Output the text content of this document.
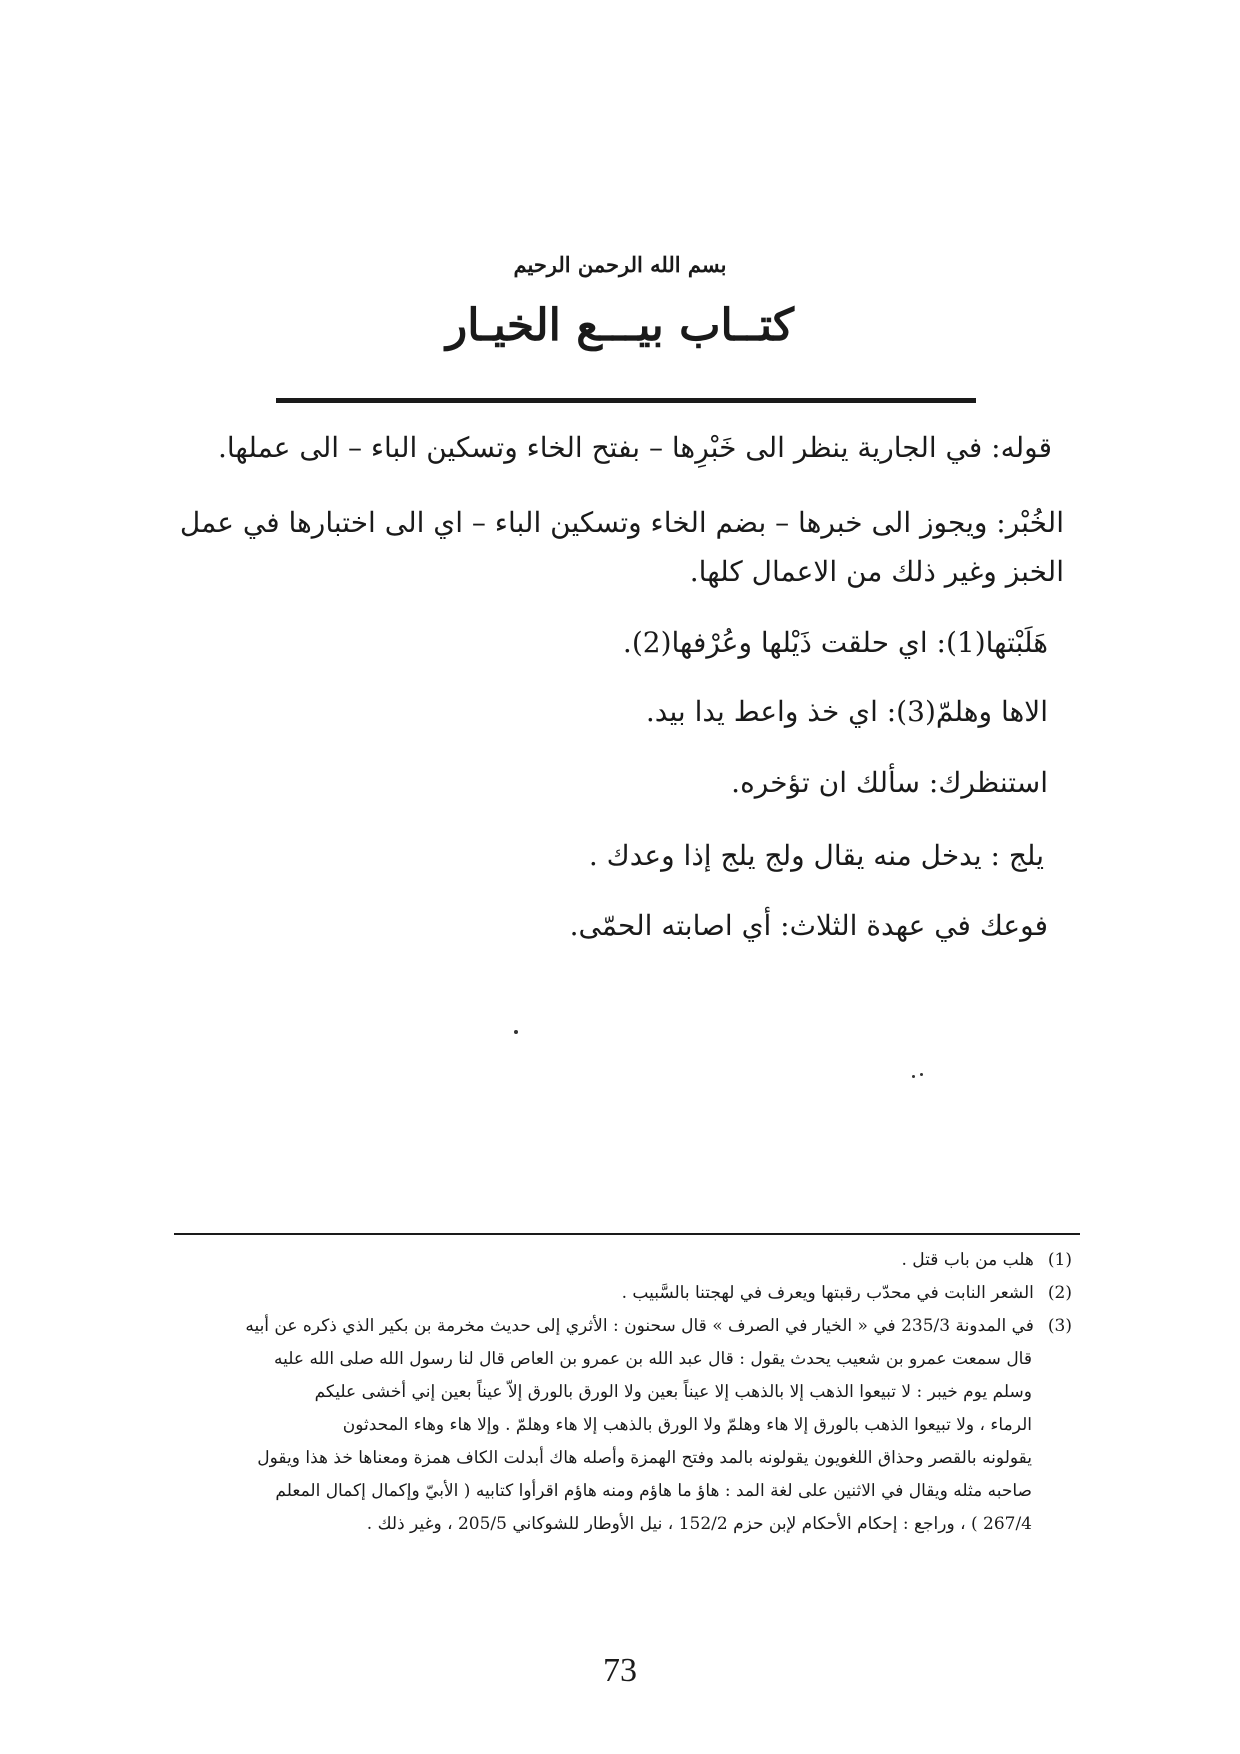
بسم الله الرحمن الرحيم
كتــاب بيـــع الخيـار
قوله: في الجارية ينظر الى خَبْرِها – بفتح الخاء وتسكين الباء – الى عملها.
الخُبْر: ويجوز الى خبرها – بضم الخاء وتسكين الباء – اي الى اختبارها في عمل
الخبز وغير ذلك من الاعمال كلها.
هَلَبْتها(1): اي حلقت ذَيْلها وعُرْفها(2).
الاها وهلمّ(3): اي خذ واعط يدا بيد.
استنظرك: سألك ان تؤخره.
يلج : يدخل منه يقال ولج يلج إذا وعدك .
فوعك في عهدة الثلاث: أي اصابته الحمّى.
(1)هلب من باب قتل .
(2)الشعر النابت في محدّب رقبتها ويعرف في لهجتنا بالسَّبيب .
(3)في المدونة 235/3 في « الخيار في الصرف » قال سحنون : الأثري إلى حديث مخرمة بن بكير الذي ذكره عن أبيه
قال سمعت عمرو بن شعيب يحدث يقول : قال عبد الله بن عمرو بن العاص قال لنا رسول الله صلى الله عليه
وسلم يوم خيبر : لا تبيعوا الذهب إلا بالذهب إلا عيناً بعين ولا الورق بالورق إلاّ عيناً بعين إني أخشى عليكم
الرماء ، ولا تبيعوا الذهب بالورق إلا هاء وهلمّ ولا الورق بالذهب إلا هاء وهلمّ . وإلا هاء وهاء المحدثون
يقولونه بالقصر وحذاق اللغويون يقولونه بالمد وفتح الهمزة وأصله هاك أبدلت الكاف همزة ومعناها خذ هذا ويقول
صاحبه مثله ويقال في الاثنين على لغة المد : هاؤ ما هاؤم ومنه هاؤم اقرأوا كتابيه ( الأبيّ وإكمال إكمال المعلم
267/4 ) ، وراجع : إحكام الأحكام لإبن حزم 152/2 ، نيل الأوطار للشوكاني 205/5 ، وغير ذلك .
73
